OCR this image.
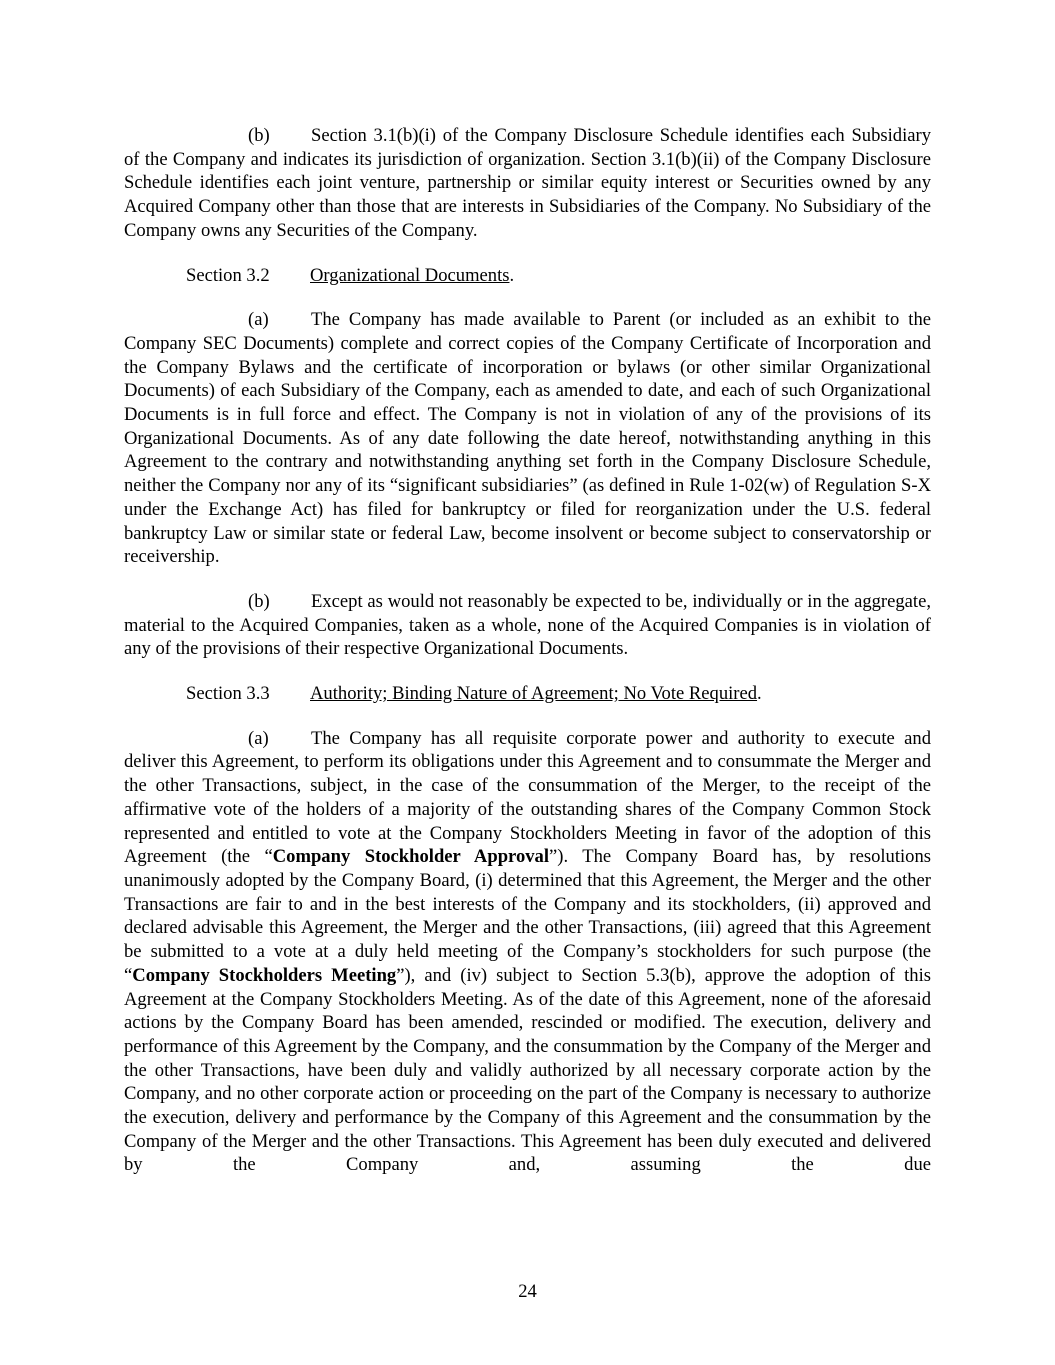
(b) Section 3.1(b)(i) of the Company Disclosure Schedule identifies each Subsidiary of the Company and indicates its jurisdiction of organization. Section 3.1(b)(ii) of the Company Disclosure Schedule identifies each joint venture, partnership or similar equity interest or Securities owned by any Acquired Company other than those that are interests in Subsidiaries of the Company. No Subsidiary of the Company owns any Securities of the Company.

Section 3.2 Organizational Documents.

(a) The Company has made available to Parent (or included as an exhibit to the Company SEC Documents) complete and correct copies of the Company Certificate of Incorporation and the Company Bylaws and the certificate of incorporation or bylaws (or other similar Organizational Documents) of each Subsidiary of the Company, each as amended to date, and each of such Organizational Documents is in full force and effect. The Company is not in violation of any of the provisions of its Organizational Documents. As of any date following the date hereof, notwithstanding anything in this Agreement to the contrary and notwithstanding anything set forth in the Company Disclosure Schedule, neither the Company nor any of its “significant subsidiaries” (as defined in Rule 1-02(w) of Regulation S-X under the Exchange Act) has filed for bankruptcy or filed for reorganization under the U.S. federal bankruptcy Law or similar state or federal Law, become insolvent or become subject to conservatorship or receivership.

(b) Except as would not reasonably be expected to be, individually or in the aggregate, material to the Acquired Companies, taken as a whole, none of the Acquired Companies is in violation of any of the provisions of their respective Organizational Documents.

Section 3.3 Authority; Binding Nature of Agreement; No Vote Required.

(a) The Company has all requisite corporate power and authority to execute and deliver this Agreement, to perform its obligations under this Agreement and to consummate the Merger and the other Transactions, subject, in the case of the consummation of the Merger, to the receipt of the affirmative vote of the holders of a majority of the outstanding shares of the Company Common Stock represented and entitled to vote at the Company Stockholders Meeting in favor of the adoption of this Agreement (the “Company Stockholder Approval”). The Company Board has, by resolutions unanimously adopted by the Company Board, (i) determined that this Agreement, the Merger and the other Transactions are fair to and in the best interests of the Company and its stockholders, (ii) approved and declared advisable this Agreement, the Merger and the other Transactions, (iii) agreed that this Agreement be submitted to a vote at a duly held meeting of the Company’s stockholders for such purpose (the “Company Stockholders Meeting”), and (iv) subject to Section 5.3(b), approve the adoption of this Agreement at the Company Stockholders Meeting. As of the date of this Agreement, none of the aforesaid actions by the Company Board has been amended, rescinded or modified. The execution, delivery and performance of this Agreement by the Company, and the consummation by the Company of the Merger and the other Transactions, have been duly and validly authorized by all necessary corporate action by the Company, and no other corporate action or proceeding on the part of the Company is necessary to authorize the execution, delivery and performance by the Company of this Agreement and the consummation by the Company of the Merger and the other Transactions. This Agreement has been duly executed and delivered by the Company and, assuming the due

24
